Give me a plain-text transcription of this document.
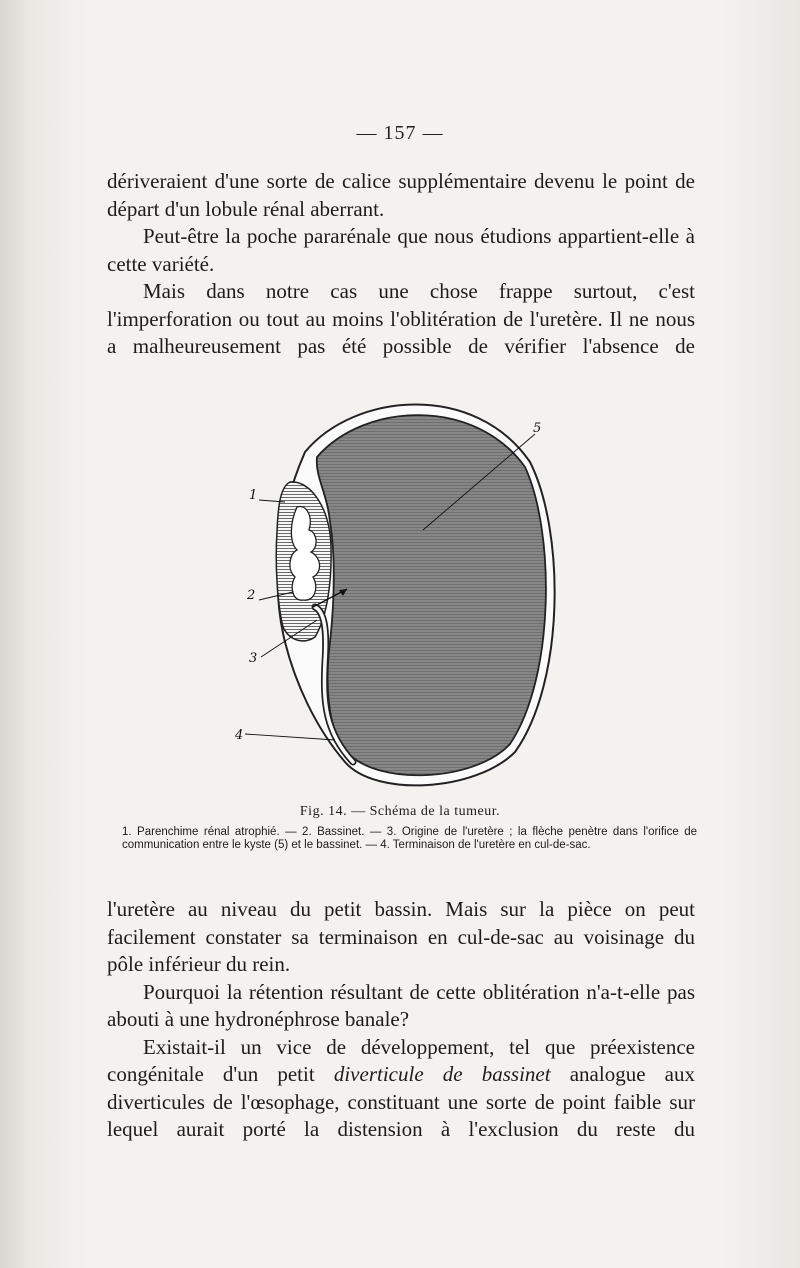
— 157 —

dériveraient d'une sorte de calice supplémentaire devenu le point de départ d'un lobule rénal aberrant.

Peut-être la poche pararénale que nous étudions appartient-elle à cette variété.

Mais dans notre cas une chose frappe surtout, c'est l'imperforation ou tout au moins l'oblitération de l'uretère. Il ne nous a malheureusement pas été possible de vérifier l'absence de

1
2
3
4
5
Fig. 14. — Schéma de la tumeur.
1. Parenchime rénal atrophié. — 2. Bassinet. — 3. Origine de l'uretère ; la flèche penètre dans l'orifice de communication entre le kyste (5) et le bassinet. — 4. Terminaison de l'uretère en cul-de-sac.

l'uretère au niveau du petit bassin. Mais sur la pièce on peut facilement constater sa terminaison en cul-de-sac au voisinage du pôle inférieur du rein.

Pourquoi la rétention résultant de cette oblitération n'a-t-elle pas abouti à une hydronéphrose banale?

Existait-il un vice de développement, tel que préexistence congénitale d'un petit diverticule de bassinet analogue aux diverticules de l'œsophage, constituant une sorte de point faible sur lequel aurait porté la distension à l'exclusion du reste du
